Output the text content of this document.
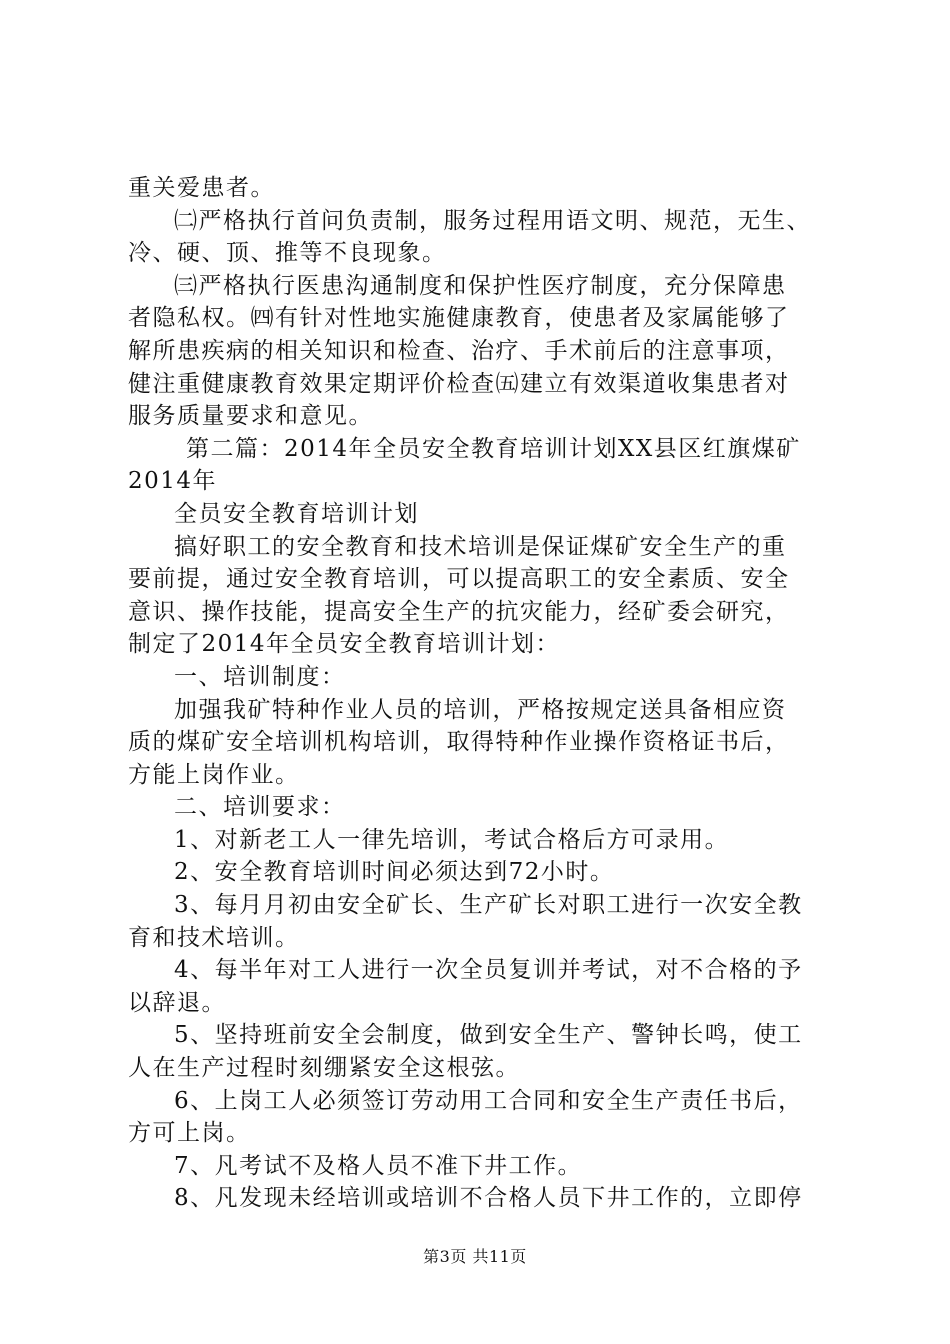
重关爱患者。
㈡严格执行首问负责制，服务过程用语文明、规范，无生、
冷、硬、顶、推等不良现象。
㈢严格执行医患沟通制度和保护性医疗制度，充分保障患
者隐私权。㈣有针对性地实施健康教育，使患者及家属能够了
解所患疾病的相关知识和检查、治疗、手术前后的注意事项，
健注重健康教育效果定期评价检查㈤建立有效渠道收集患者对
服务质量要求和意见。
第二篇：2014年全员安全教育培训计划XX县区红旗煤矿
2014年
全员安全教育培训计划
搞好职工的安全教育和技术培训是保证煤矿安全生产的重
要前提，通过安全教育培训，可以提高职工的安全素质、安全
意识、操作技能，提高安全生产的抗灾能力，经矿委会研究，
制定了2014年全员安全教育培训计划：
一、培训制度：
加强我矿特种作业人员的培训，严格按规定送具备相应资
质的煤矿安全培训机构培训，取得特种作业操作资格证书后，
方能上岗作业。
二、培训要求：
1、对新老工人一律先培训，考试合格后方可录用。
2、安全教育培训时间必须达到72小时。
3、每月月初由安全矿长、生产矿长对职工进行一次安全教
育和技术培训。
4、每半年对工人进行一次全员复训并考试，对不合格的予
以辞退。
5、坚持班前安全会制度，做到安全生产、警钟长鸣，使工
人在生产过程时刻绷紧安全这根弦。
6、上岗工人必须签订劳动用工合同和安全生产责任书后，
方可上岗。
7、凡考试不及格人员不准下井工作。
8、凡发现未经培训或培训不合格人员下井工作的，立即停
第3页 共11页
